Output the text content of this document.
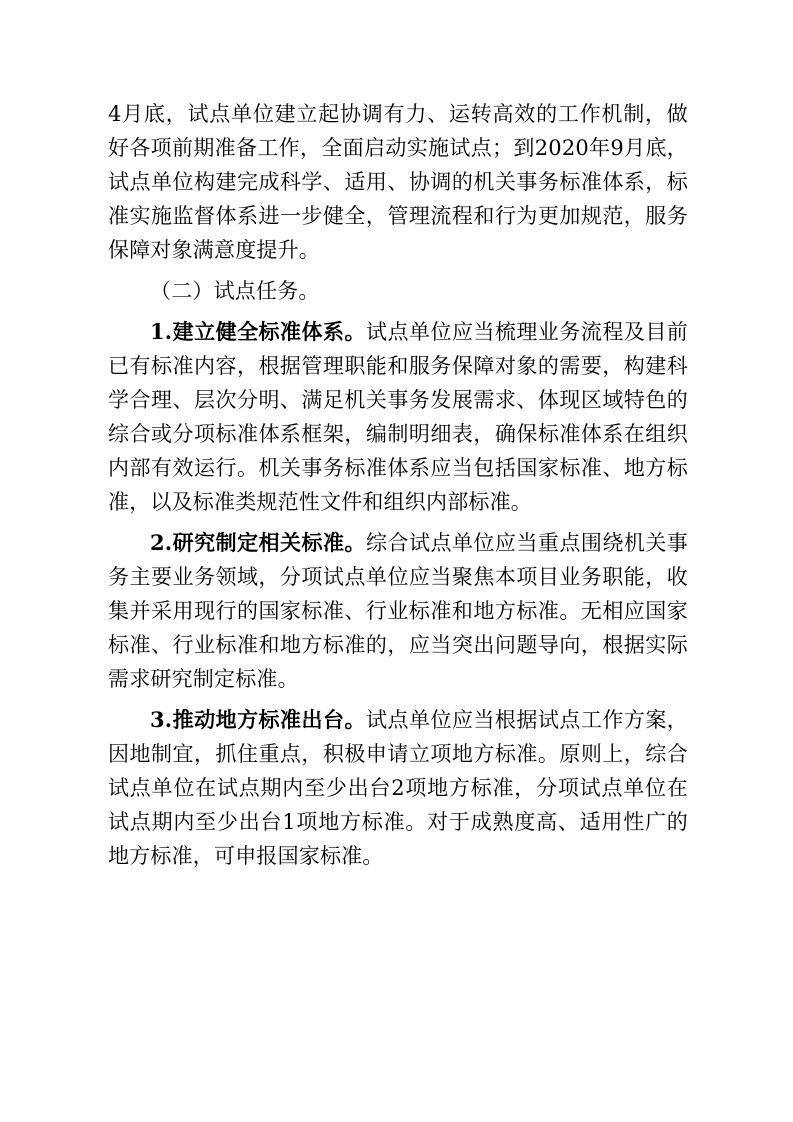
4月底，试点单位建立起协调有力、运转高效的工作机制，做好各项前期准备工作，全面启动实施试点；到2020年9月底，试点单位构建完成科学、适用、协调的机关事务标准体系，标准实施监督体系进一步健全，管理流程和行为更加规范，服务保障对象满意度提升。

（二）试点任务。

1.建立健全标准体系。试点单位应当梳理业务流程及目前已有标准内容，根据管理职能和服务保障对象的需要，构建科学合理、层次分明、满足机关事务发展需求、体现区域特色的综合或分项标准体系框架，编制明细表，确保标准体系在组织内部有效运行。机关事务标准体系应当包括国家标准、地方标准，以及标准类规范性文件和组织内部标准。

2.研究制定相关标准。综合试点单位应当重点围绕机关事务主要业务领域，分项试点单位应当聚焦本项目业务职能，收集并采用现行的国家标准、行业标准和地方标准。无相应国家标准、行业标准和地方标准的，应当突出问题导向，根据实际需求研究制定标准。

3.推动地方标准出台。试点单位应当根据试点工作方案，因地制宜，抓住重点，积极申请立项地方标准。原则上，综合试点单位在试点期内至少出台2项地方标准，分项试点单位在试点期内至少出台1项地方标准。对于成熟度高、适用性广的地方标准，可申报国家标准。
